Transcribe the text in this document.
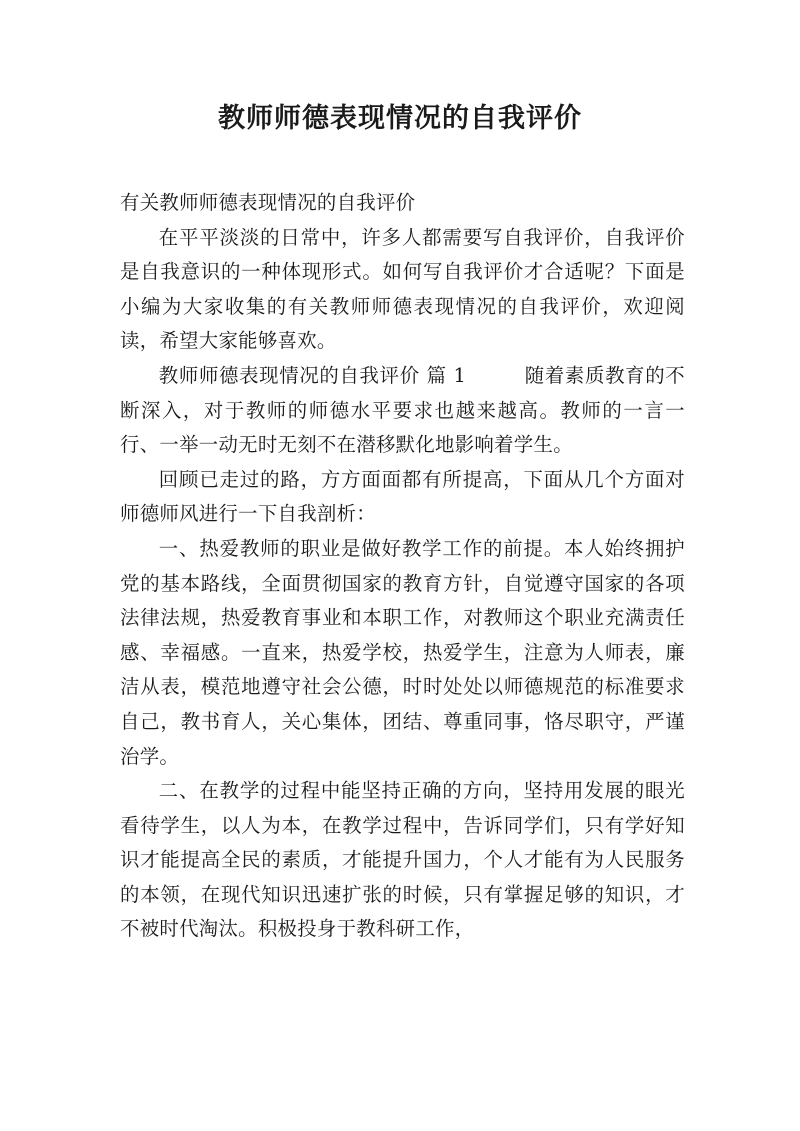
教师师德表现情况的自我评价

有关教师师德表现情况的自我评价

在平平淡淡的日常中，许多人都需要写自我评价，自我评价是自我意识的一种体现形式。如何写自我评价才合适呢？下面是小编为大家收集的有关教师师德表现情况的自我评价，欢迎阅读，希望大家能够喜欢。

教师师德表现情况的自我评价 篇 1	随着素质教育的不断深入，对于教师的师德水平要求也越来越高。教师的一言一行、一举一动无时无刻不在潜移默化地影响着学生。

回顾已走过的路，方方面面都有所提高，下面从几个方面对师德师风进行一下自我剖析：

一、热爱教师的职业是做好教学工作的前提。本人始终拥护党的基本路线，全面贯彻国家的教育方针，自觉遵守国家的各项法律法规，热爱教育事业和本职工作，对教师这个职业充满责任感、幸福感。一直来，热爱学校，热爱学生，注意为人师表，廉洁从表，模范地遵守社会公德，时时处处以师德规范的标准要求自己，教书育人，关心集体，团结、尊重同事，恪尽职守，严谨治学。

二、在教学的过程中能坚持正确的方向，坚持用发展的眼光看待学生，以人为本，在教学过程中，告诉同学们，只有学好知识才能提高全民的素质，才能提升国力，个人才能有为人民服务的本领，在现代知识迅速扩张的时候，只有掌握足够的知识，才不被时代淘汰。积极投身于教科研工作，
